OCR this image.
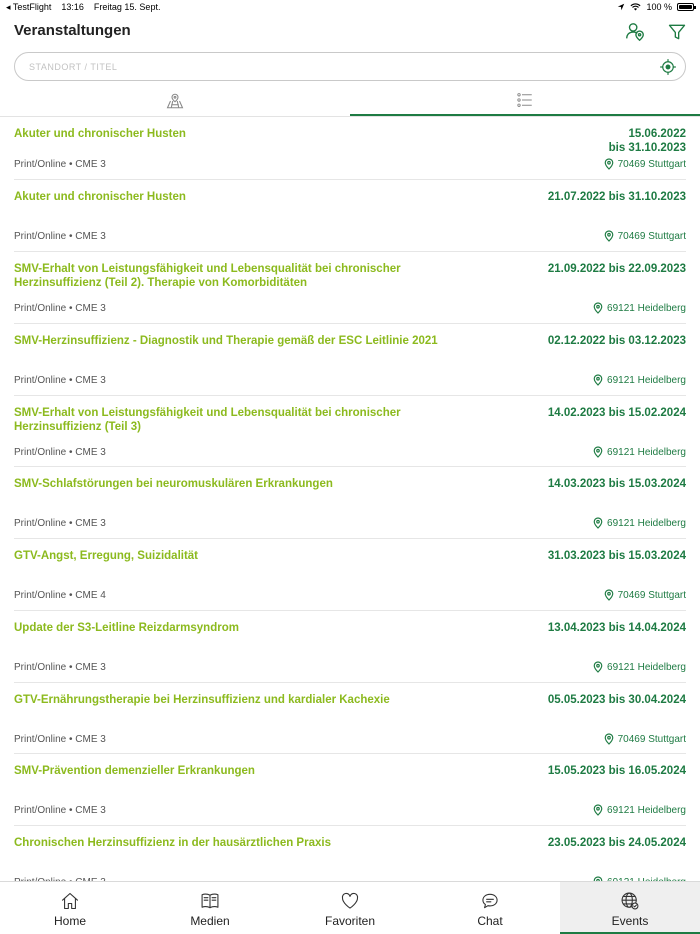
◂ TestFlight 13:16 Freitag 15. Sept.	100 %
Veranstaltungen
STANDORT / TITEL
Akuter und chronischer Husten	15.06.2022
bis 31.10.2023
Print/Online • CME 3	70469 Stuttgart
Akuter und chronischer Husten	21.07.2022 bis 31.10.2023
Print/Online • CME 3	70469 Stuttgart
SMV-Erhalt von Leistungsfähigkeit und Lebensqualität bei chronischer Herzinsuffizienz (Teil 2). Therapie von Komorbiditäten
21.09.2022 bis 22.09.2023
Print/Online • CME 3	69121 Heidelberg
SMV-Herzinsuffizienz - Diagnostik und Therapie gemäß der ESC Leitlinie 2021	02.12.2022 bis 03.12.2023
Print/Online • CME 3	69121 Heidelberg
SMV-Erhalt von Leistungsfähigkeit und Lebensqualität bei chronischer Herzinsuffizienz (Teil 3)
14.02.2023 bis 15.02.2024
Print/Online • CME 3	69121 Heidelberg
SMV-Schlafstörungen bei neuromuskulären Erkrankungen	14.03.2023 bis 15.03.2024
Print/Online • CME 3	69121 Heidelberg
GTV-Angst, Erregung, Suizidalität	31.03.2023 bis 15.03.2024
Print/Online • CME 4	70469 Stuttgart
Update der S3-Leitline Reizdarmsyndrom	13.04.2023 bis 14.04.2024
Print/Online • CME 3	69121 Heidelberg
GTV-Ernährungstherapie bei Herzinsuffizienz und kardialer Kachexie	05.05.2023 bis 30.04.2024
Print/Online • CME 3	70469 Stuttgart
SMV-Prävention demenzieller Erkrankungen	15.05.2023 bis 16.05.2024
Print/Online • CME 3	69121 Heidelberg
Chronischen Herzinsuffizienz in der hausärztlichen Praxis	23.05.2023 bis 24.05.2024
Home	Medien	Favoriten	Chat	Events
